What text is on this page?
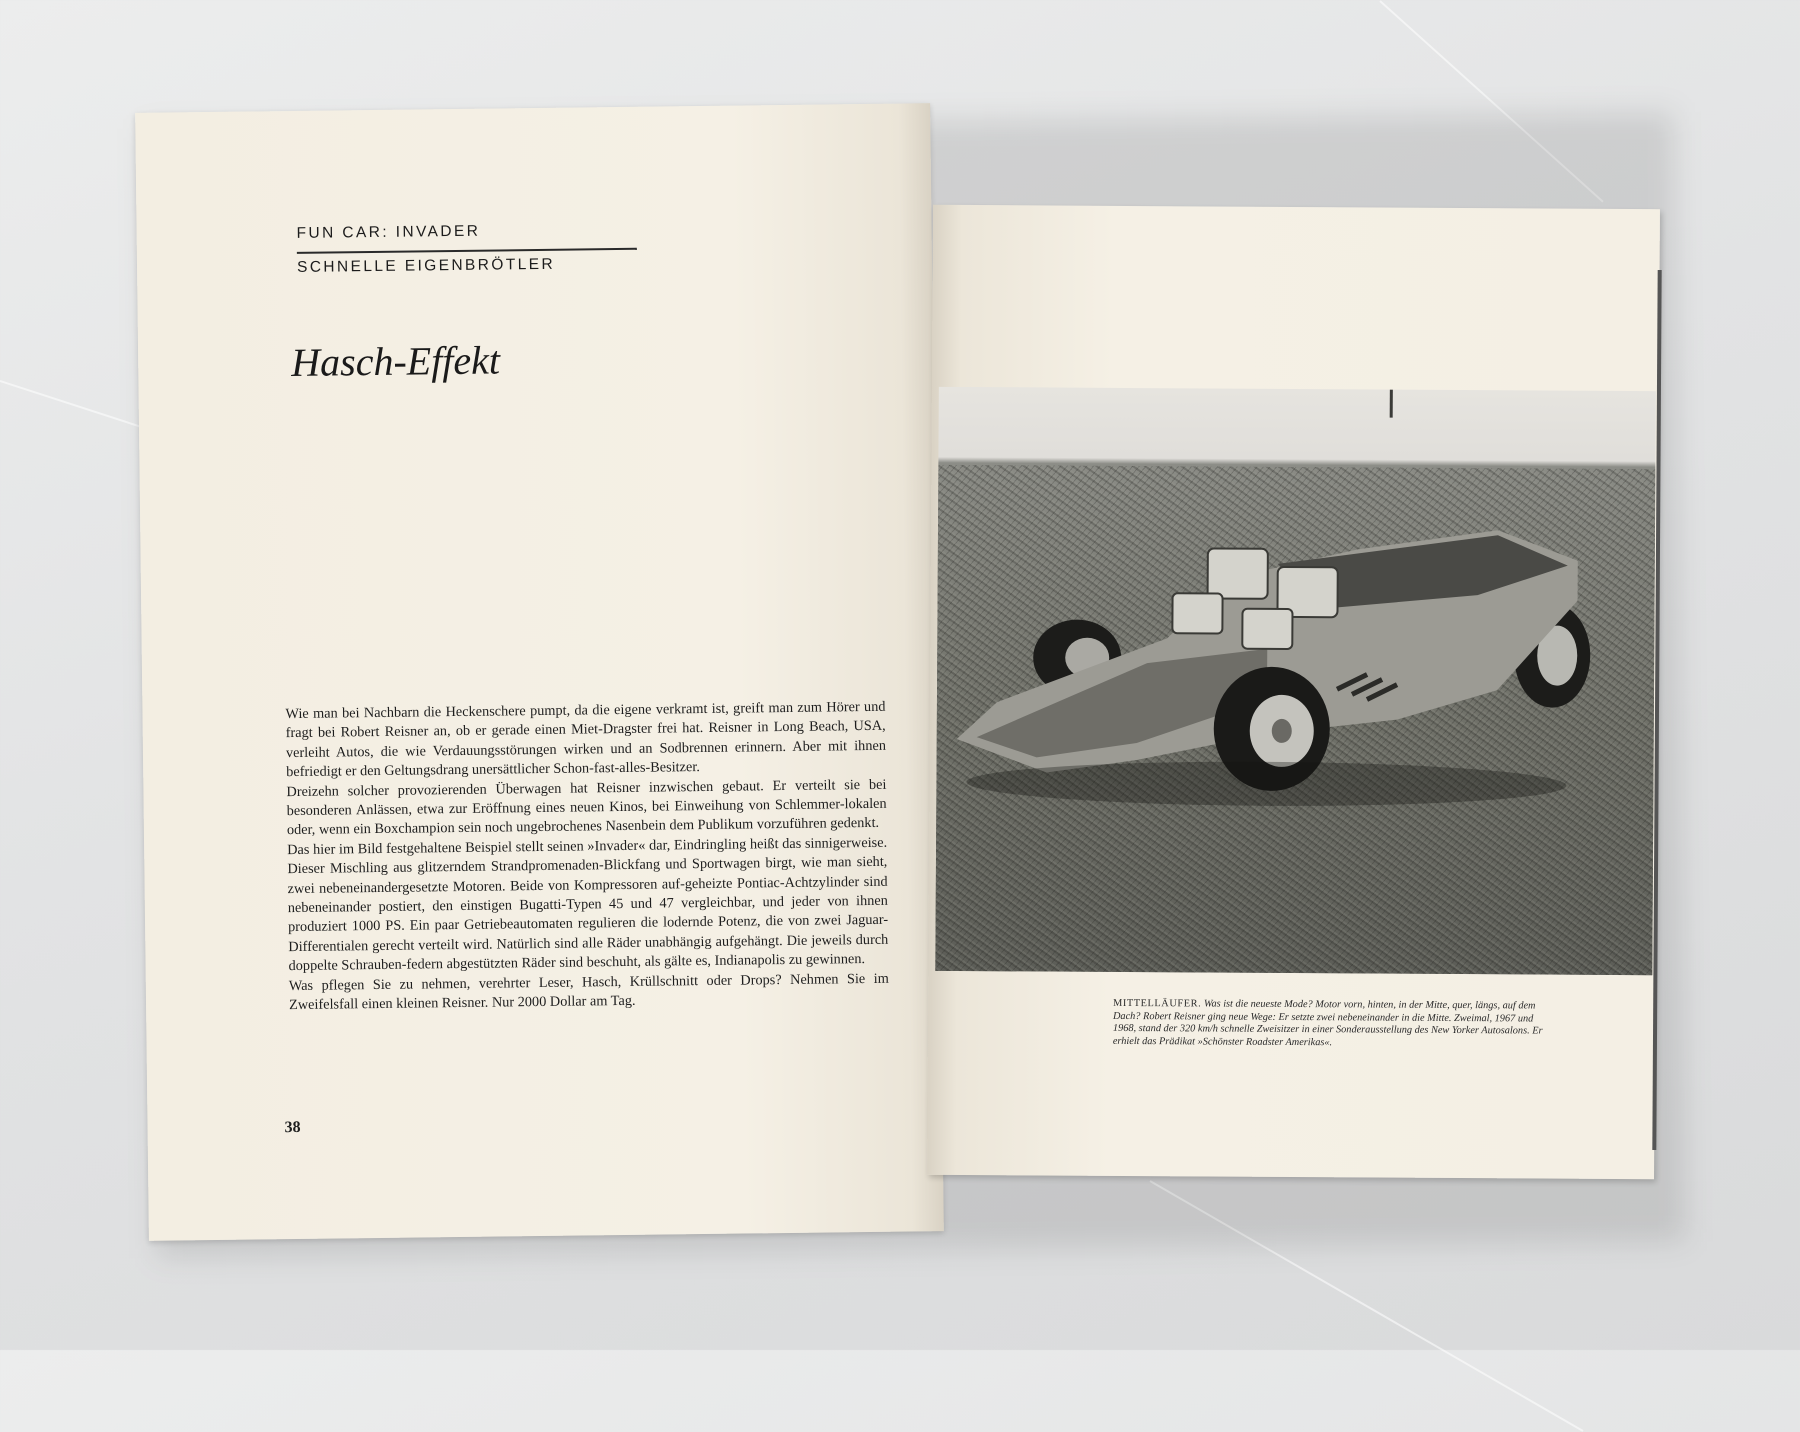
FUN CAR: INVADER
SCHNELLE EIGENBRÖTLER
Hasch-Effekt

Wie man bei Nachbarn die Heckenschere pumpt, da die eigene verkramt ist, greift man zum Hörer und fragt bei Robert Reisner an, ob er gerade einen Miet-Dragster frei hat. Reisner in Long Beach, USA, verleiht Autos, die wie Verdauungsstörungen wirken und an Sodbrennen erinnern. Aber mit ihnen befriedigt er den Geltungsdrang unersättlicher Schon-fast-alles-Besitzer.

Dreizehn solcher provozierenden Überwagen hat Reisner inzwischen gebaut. Er verteilt sie bei besonderen Anlässen, etwa zur Eröffnung eines neuen Kinos, bei Einweihung von Schlemmer-lokalen oder, wenn ein Boxchampion sein noch ungebrochenes Nasenbein dem Publikum vorzuführen gedenkt.

Das hier im Bild festgehaltene Beispiel stellt seinen »Invader« dar, Eindringling heißt das sinnigerweise. Dieser Mischling aus glitzerndem Strandpromenaden-Blickfang und Sportwagen birgt, wie man sieht, zwei nebeneinandergesetzte Motoren. Beide von Kompressoren auf-geheizte Pontiac-Achtzylinder sind nebeneinander postiert, den einstigen Bugatti-Typen 45 und 47 vergleichbar, und jeder von ihnen produziert 1000 PS. Ein paar Getriebeautomaten regulieren die lodernde Potenz, die von zwei Jaguar-Differentialen gerecht verteilt wird. Natürlich sind alle Räder unabhängig aufgehängt. Die jeweils durch doppelte Schrauben-federn abgestützten Räder sind beschuht, als gälte es, Indianapolis zu gewinnen.

Was pflegen Sie zu nehmen, verehrter Leser, Hasch, Krüllschnitt oder Drops? Nehmen Sie im Zweifelsfall einen kleinen Reisner. Nur 2000 Dollar am Tag.

38
MITTELLÄUFER. Was ist die neueste Mode? Motor vorn, hinten, in der Mitte, quer, längs, auf dem Dach? Robert Reisner ging neue Wege: Er setzte zwei nebeneinander in die Mitte. Zweimal, 1967 und 1968, stand der 320 km/h schnelle Zweisitzer in einer Sonderausstellung des New Yorker Autosalons. Er erhielt das Prädikat »Schönster Roadster Amerikas«.
